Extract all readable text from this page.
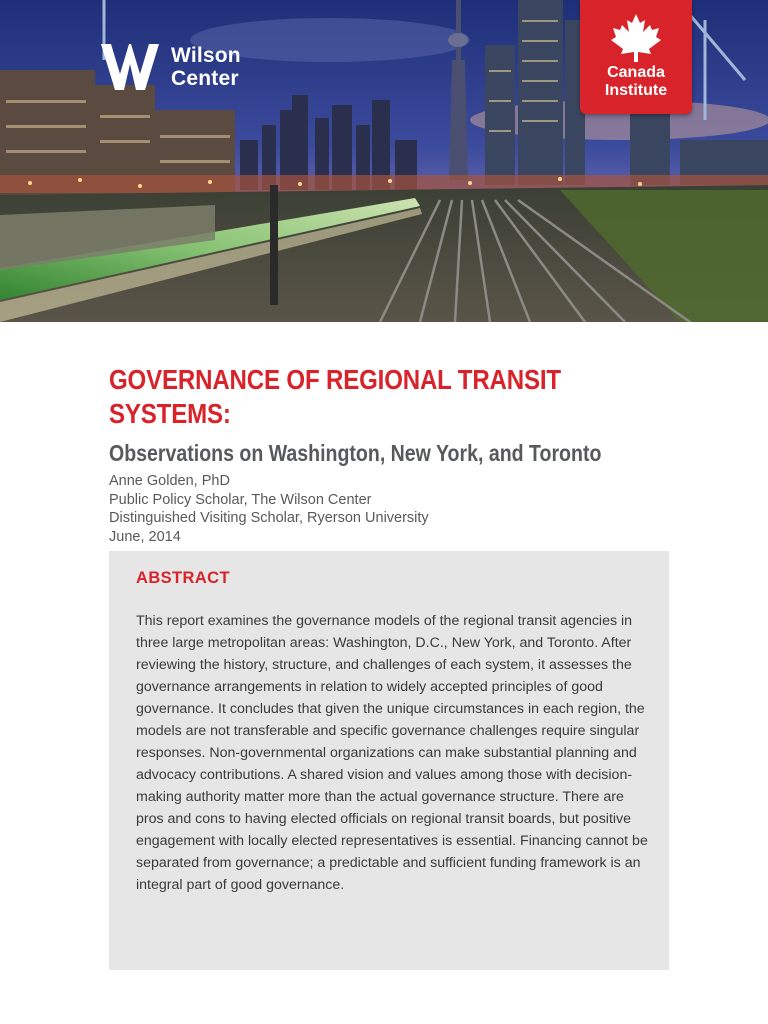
Wilson
Center	Canada
Institute
GOVERNANCE OF REGIONAL TRANSIT SYSTEMS:
Observations on Washington, New York, and Toronto
Anne Golden, PhD
Public Policy Scholar, The Wilson Center
Distinguished Visiting Scholar, Ryerson University
June, 2014
ABSTRACT

This report examines the governance models of the regional transit agencies in three large metropolitan areas: Washington, D.C., New York, and Toronto. After reviewing the history, structure, and challenges of each system, it assesses the governance arrangements in relation to widely accepted principles of good governance. It concludes that given the unique circumstances in each region, the models are not transferable and specific governance challenges require singular responses. Non-governmental organizations can make substantial planning and advocacy contributions. A shared vision and values among those with decision-making authority matter more than the actual governance structure. There are pros and cons to having elected officials on regional transit boards, but positive engagement with locally elected representatives is essential. Financing cannot be separated from governance; a predictable and sufficient funding framework is an integral part of good governance.
